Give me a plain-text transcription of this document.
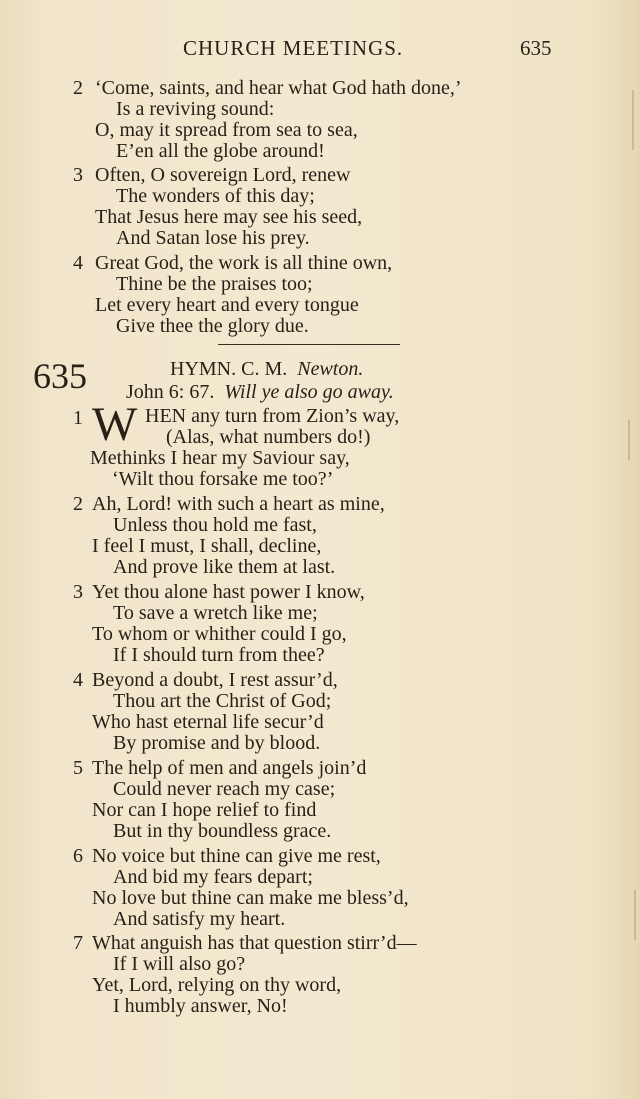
CHURCH MEETINGS.	635
2 ‘Come, saints, and hear what God hath done,’
Is a reviving sound:
O, may it spread from sea to sea,
E’en all the globe around!
3 Often, O sovereign Lord, renew
The wonders of this day;
That Jesus here may see his seed,
And Satan lose his prey.
4 Great God, the work is all thine own,
Thine be the praises too;
Let every heart and every tongue
Give thee the glory due.
635	HYMN. C. M. Newton.
John 6: 67. Will ye also go away.
1 W HEN any turn from Zion’s way,
(Alas, what numbers do!)
Methinks I hear my Saviour say,
‘Wilt thou forsake me too?’
2 Ah, Lord! with such a heart as mine,
Unless thou hold me fast,
I feel I must, I shall, decline,
And prove like them at last.
3 Yet thou alone hast power I know,
To save a wretch like me;
To whom or whither could I go,
If I should turn from thee?
4 Beyond a doubt, I rest assur’d,
Thou art the Christ of God;
Who hast eternal life secur’d
By promise and by blood.
5 The help of men and angels join’d
Could never reach my case;
Nor can I hope relief to find
But in thy boundless grace.
6 No voice but thine can give me rest,
And bid my fears depart;
No love but thine can make me bless’d,
And satisfy my heart.
7 What anguish has that question stirr’d—
If I will also go?
Yet, Lord, relying on thy word,
I humbly answer, No!
